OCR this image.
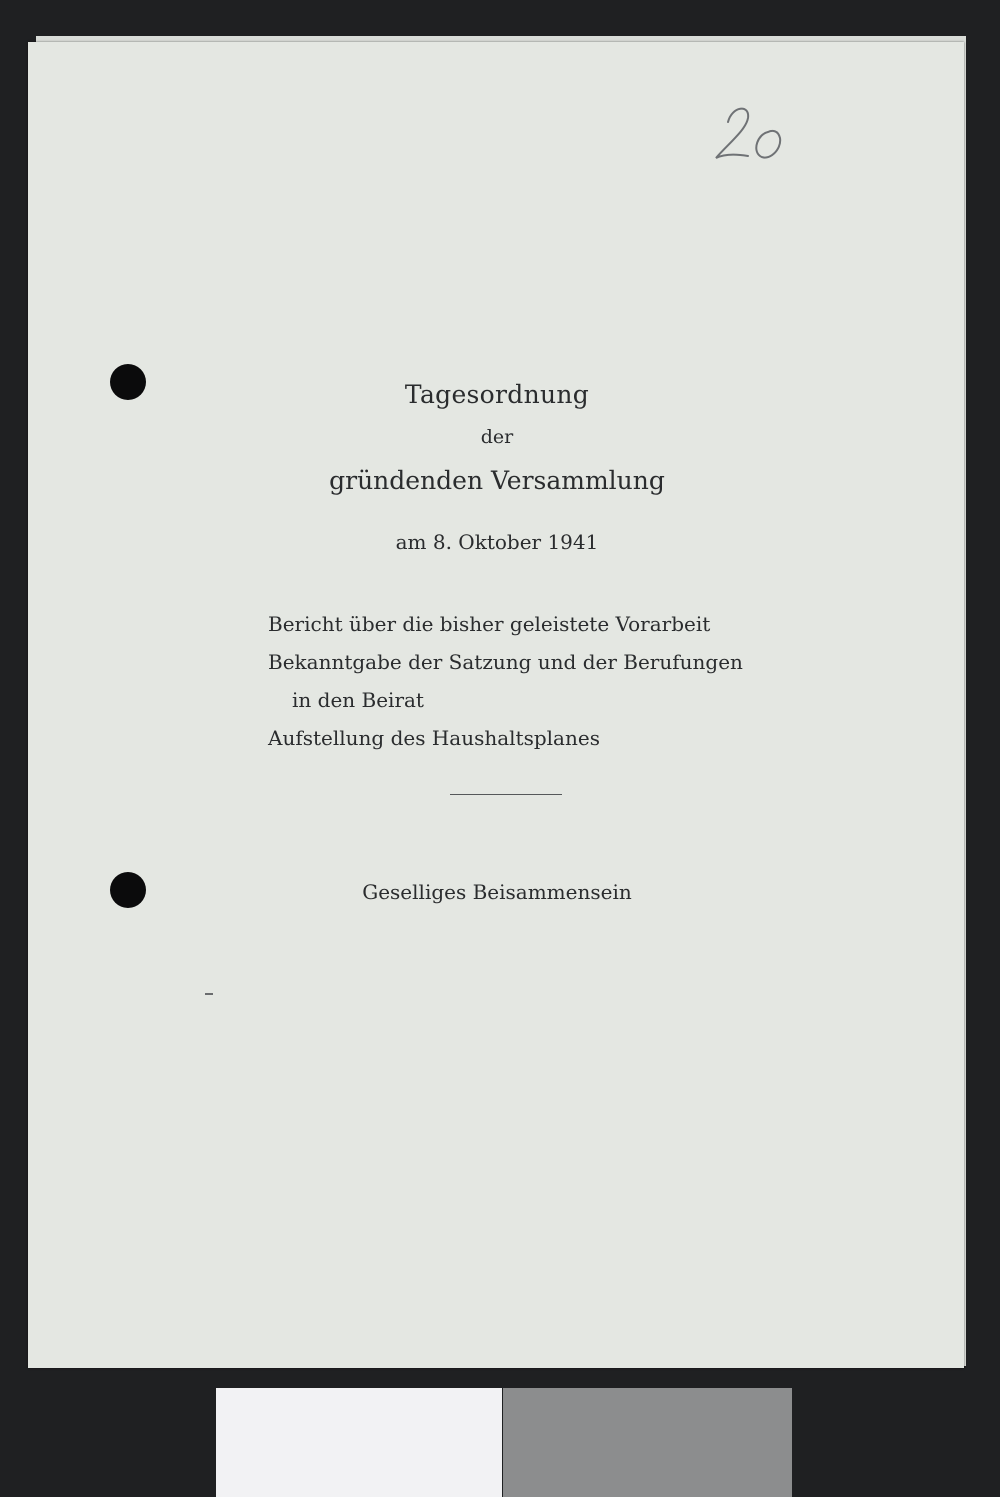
Tagesordnung
der
gründenden Versammlung
am 8. Oktober 1941
Bericht über die bisher geleistete Vorarbeit
Bekanntgabe der Satzung und der Berufungen
in den Beirat
Aufstellung des Haushaltsplanes
Geselliges Beisammensein
